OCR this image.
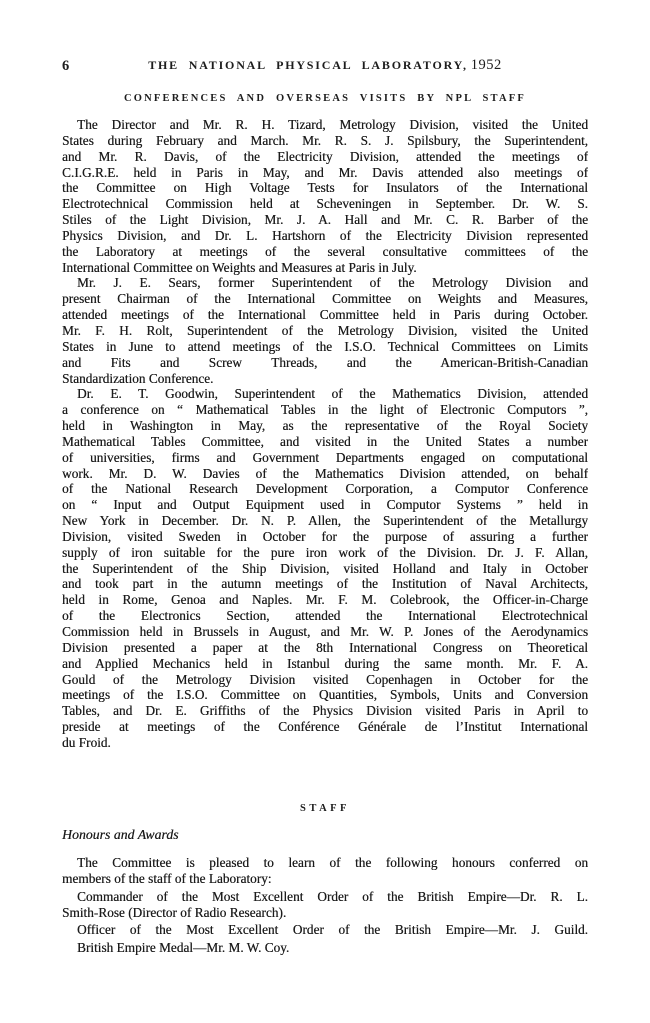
6	THE NATIONAL PHYSICAL LABORATORY, 1952
CONFERENCES AND OVERSEAS VISITS BY NPL STAFF
The Director and Mr. R. H. Tizard, Metrology Division, visited the United
States during February and March. Mr. R. S. J. Spilsbury, the Superintendent,
and Mr. R. Davis, of the Electricity Division, attended the meetings of
C.I.G.R.E. held in Paris in May, and Mr. Davis attended also meetings of
the Committee on High Voltage Tests for Insulators of the International
Electrotechnical Commission held at Scheveningen in September. Dr. W. S.
Stiles of the Light Division, Mr. J. A. Hall and Mr. C. R. Barber of the
Physics Division, and Dr. L. Hartshorn of the Electricity Division represented
the Laboratory at meetings of the several consultative committees of the
International Committee on Weights and Measures at Paris in July.
Mr. J. E. Sears, former Superintendent of the Metrology Division and
present Chairman of the International Committee on Weights and Measures,
attended meetings of the International Committee held in Paris during October.
Mr. F. H. Rolt, Superintendent of the Metrology Division, visited the United
States in June to attend meetings of the I.S.O. Technical Committees on Limits
and Fits and Screw Threads, and the American-British-Canadian
Standardization Conference.
Dr. E. T. Goodwin, Superintendent of the Mathematics Division, attended
a conference on “ Mathematical Tables in the light of Electronic Computors ”,
held in Washington in May, as the representative of the Royal Society
Mathematical Tables Committee, and visited in the United States a number
of universities, firms and Government Departments engaged on computational
work. Mr. D. W. Davies of the Mathematics Division attended, on behalf
of the National Research Development Corporation, a Computor Conference
on “ Input and Output Equipment used in Computor Systems ” held in
New York in December. Dr. N. P. Allen, the Superintendent of the Metallurgy
Division, visited Sweden in October for the purpose of assuring a further
supply of iron suitable for the pure iron work of the Division. Dr. J. F. Allan,
the Superintendent of the Ship Division, visited Holland and Italy in October
and took part in the autumn meetings of the Institution of Naval Architects,
held in Rome, Genoa and Naples. Mr. F. M. Colebrook, the Officer-in-Charge
of the Electronics Section, attended the International Electrotechnical
Commission held in Brussels in August, and Mr. W. P. Jones of the Aerodynamics
Division presented a paper at the 8th International Congress on Theoretical
and Applied Mechanics held in Istanbul during the same month. Mr. F. A.
Gould of the Metrology Division visited Copenhagen in October for the
meetings of the I.S.O. Committee on Quantities, Symbols, Units and Conversion
Tables, and Dr. E. Griffiths of the Physics Division visited Paris in April to
preside at meetings of the Conférence Générale de l’Institut International
du Froid.
STAFF
Honours and Awards
The Committee is pleased to learn of the following honours conferred on
members of the staff of the Laboratory:
Commander of the Most Excellent Order of the British Empire—Dr. R. L.
Smith-Rose (Director of Radio Research).
Officer of the Most Excellent Order of the British Empire—Mr. J. Guild.
British Empire Medal—Mr. M. W. Coy.
